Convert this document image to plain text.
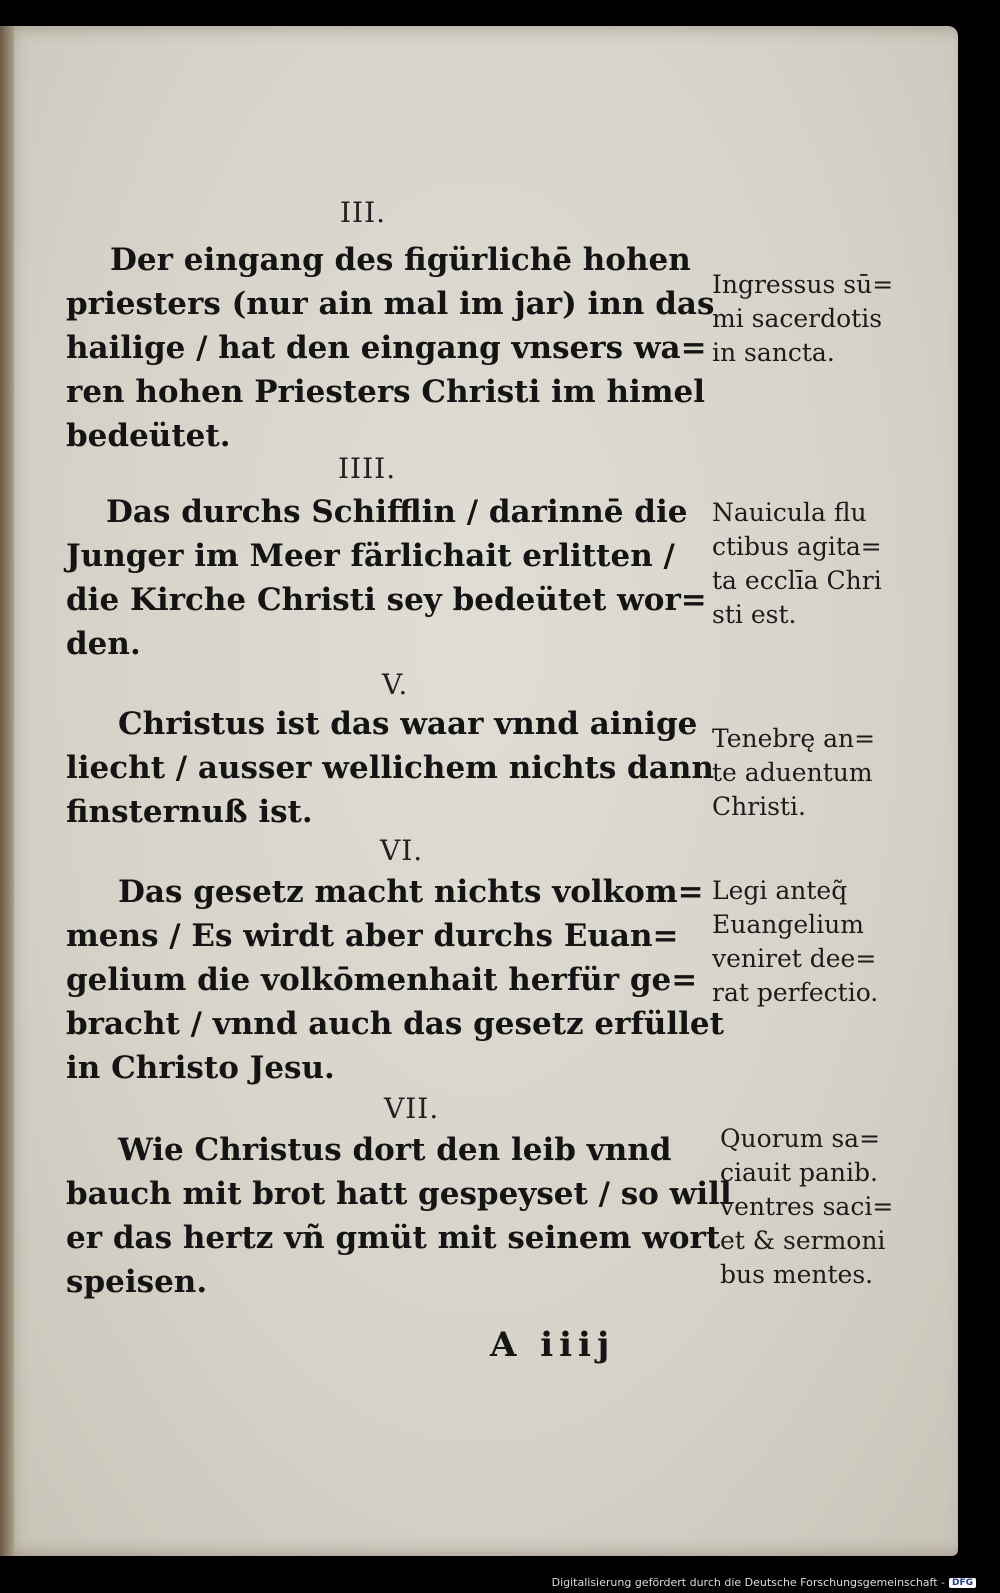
III.
Der eingang des figürlichē hohen
priesters (nur ain mal im jar) inn das
hailige / hat den eingang vnsers wa=
ren hohen Priesters Christi im himel
bedeütet.
Ingressus sū=
mi sacerdotis
in sancta.
IIII.
Das durchs Schifflin / darinnē die
Junger im Meer färlichait erlitten /
die Kirche Christi sey bedeütet wor=
den.
Nauicula flu
ctibus agita=
ta ecclīa Chri
sti est.
V.
Christus ist das waar vnnd ainige
liecht / ausser wellichem nichts dann
finsternuß ist.
Tenebrę an=
te aduentum
Christi.
VI.
Das gesetz macht nichts volkom=
mens / Es wirdt aber durchs Euan=
gelium die volkōmenhait herfür ge=
bracht / vnnd auch das gesetz erfüllet
in Christo Jesu.
Legi anteq̃
Euangelium
veniret dee=
rat perfectio.
VII.
Wie Christus dort den leib vnnd
bauch mit brot hatt gespeyset / so will
er das hertz vñ gmüt mit seinem wort
speisen.
Quorum sa=
ciauit panib.
ventres saci=
et & sermoni
bus mentes.
A iiij
Digitalisierung gefördert durch die Deutsche Forschungsgemeinschaft - DFG
